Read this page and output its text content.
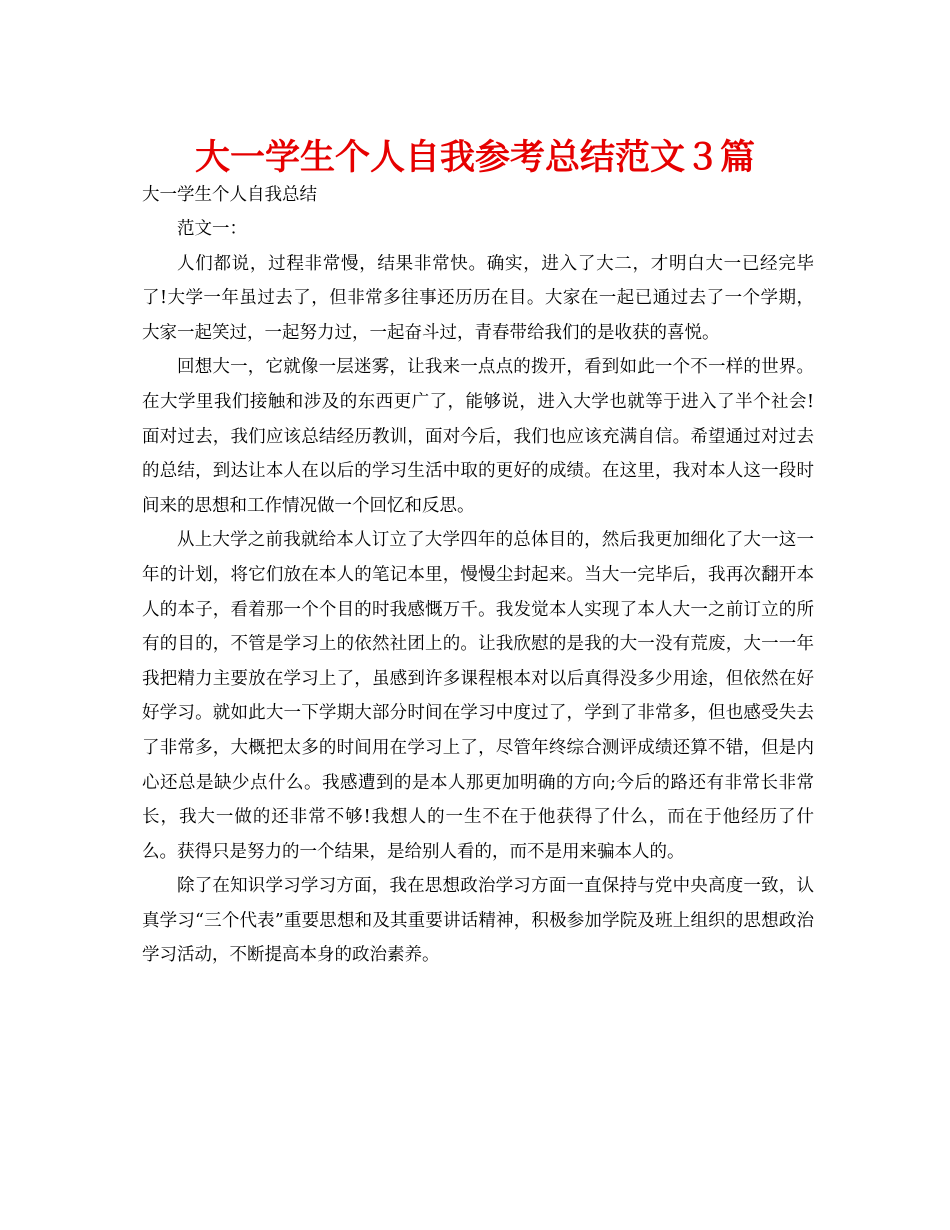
大一学生个人自我参考总结范文３篇
大一学生个人自我总结

范文一：

人们都说，过程非常慢，结果非常快。确实，进入了大二，才明白大一已经完毕了!大学一年虽过去了，但非常多往事还历历在目。大家在一起已通过去了一个学期，大家一起笑过，一起努力过，一起奋斗过，青春带给我们的是收获的喜悦。

回想大一，它就像一层迷雾，让我来一点点的拨开，看到如此一个不一样的世界。在大学里我们接触和涉及的东西更广了，能够说，进入大学也就等于进入了半个社会!面对过去，我们应该总结经历教训，面对今后，我们也应该充满自信。希望通过对过去的总结，到达让本人在以后的学习生活中取的更好的成绩。在这里，我对本人这一段时间来的思想和工作情况做一个回忆和反思。

从上大学之前我就给本人订立了大学四年的总体目的，然后我更加细化了大一这一年的计划，将它们放在本人的笔记本里，慢慢尘封起来。当大一完毕后，我再次翻开本人的本子，看着那一个个目的时我感慨万千。我发觉本人实现了本人大一之前订立的所有的目的，不管是学习上的依然社团上的。让我欣慰的是我的大一没有荒废，大一一年我把精力主要放在学习上了，虽感到许多课程根本对以后真得没多少用途，但依然在好好学习。就如此大一下学期大部分时间在学习中度过了，学到了非常多，但也感受失去了非常多，大概把太多的时间用在学习上了，尽管年终综合测评成绩还算不错，但是内心还总是缺少点什么。我感遭到的是本人那更加明确的方向;今后的路还有非常长非常长，我大一做的还非常不够!我想人的一生不在于他获得了什么，而在于他经历了什么。获得只是努力的一个结果，是给别人看的，而不是用来骗本人的。

除了在知识学习学习方面，我在思想政治学习方面一直保持与党中央高度一致，认真学习“三个代表”重要思想和及其重要讲话精神，积极参加学院及班上组织的思想政治学习活动，不断提高本身的政治素养。
